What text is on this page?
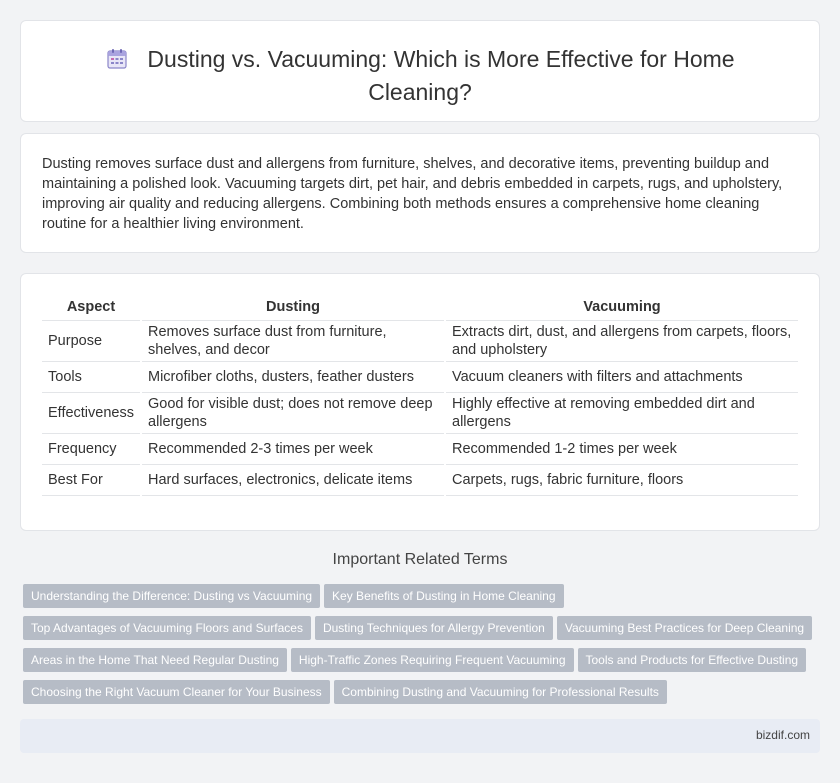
Dusting vs. Vacuuming: Which is More Effective for Home Cleaning?

Dusting removes surface dust and allergens from furniture, shelves, and decorative items, preventing buildup and maintaining a polished look. Vacuuming targets dirt, pet hair, and debris embedded in carpets, rugs, and upholstery, improving air quality and reducing allergens. Combining both methods ensures a comprehensive home cleaning routine for a healthier living environment.

Aspect	Dusting	Vacuuming
Purpose	Removes surface dust from furniture, shelves, and decor	Extracts dirt, dust, and allergens from carpets, floors, and upholstery
Tools	Microfiber cloths, dusters, feather dusters	Vacuum cleaners with filters and attachments
Effectiveness	Good for visible dust; does not remove deep allergens	Highly effective at removing embedded dirt and allergens
Frequency	Recommended 2-3 times per week	Recommended 1-2 times per week
Best For	Hard surfaces, electronics, delicate items	Carpets, rugs, fabric furniture, floors
Important Related Terms
Understanding the Difference: Dusting vs Vacuuming Key Benefits of Dusting in Home Cleaning
Top Advantages of Vacuuming Floors and Surfaces Dusting Techniques for Allergy Prevention Vacuuming Best Practices for Deep Cleaning
Areas in the Home That Need Regular Dusting High-Traffic Zones Requiring Frequent Vacuuming Tools and Products for Effective Dusting
Choosing the Right Vacuum Cleaner for Your Business Combining Dusting and Vacuuming for Professional Results
bizdif.com
